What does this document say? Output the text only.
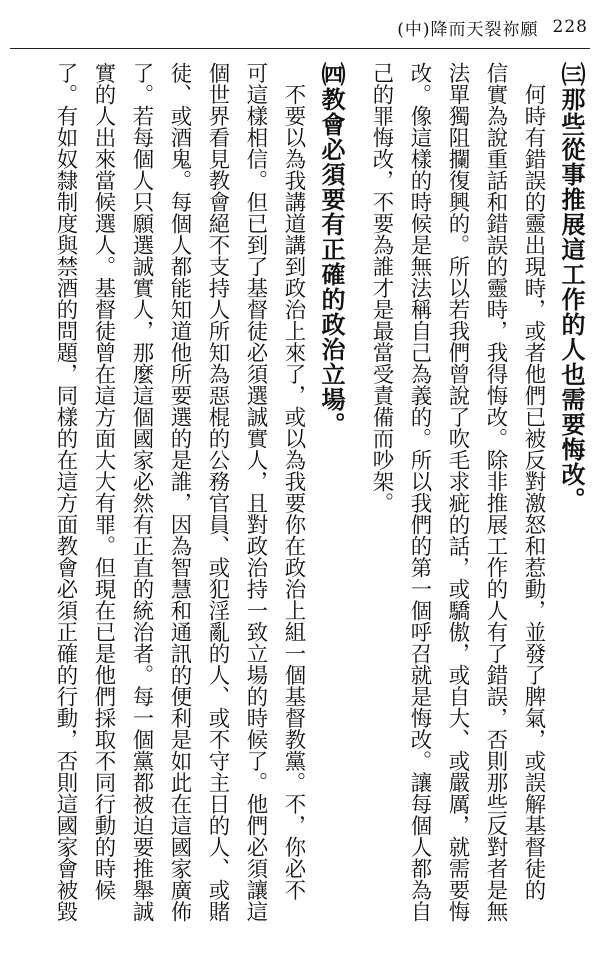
(中)降而天裂祢願 228
㈢那些從事推展這工作的人也需要悔改。
　何時有錯誤的靈出現時，或者他們已被反對激怒和惹動，並發了脾氣，或誤解基督徒的
信實為說重話和錯誤的靈時，我得悔改。除非推展工作的人有了錯誤，否則那些反對者是無
法單獨阻攔復興的。所以若我們曾說了吹毛求疵的話，或驕傲，或自大、或嚴厲，就需要悔
改。像這樣的時候是無法稱自己為義的。所以我們的第一個呼召就是悔改。讓每個人都為自
己的罪悔改，不要為誰才是最當受責備而吵架。
㈣教會必須要有正確的政治立場。
　不要以為我講道講到政治上來了，或以為我要你在政治上組一個基督教黨。不，你必不
可這樣相信。但已到了基督徒必須選誠實人，且對政治持一致立場的時候了。他們必須讓這
個世界看見教會絕不支持人所知為惡棍的公務官員、或犯淫亂的人、或不守主日的人、或賭
徒、或酒鬼。每個人都能知道他所要選的是誰，因為智慧和通訊的便利是如此在這國家廣佈
了。若每個人只願選誠實人，那麼這個國家必然有正直的統治者。每一個黨都被迫要推舉誠
實的人出來當候選人。基督徒曾在這方面大大有罪。但現在已是他們採取不同行動的時候
了。有如奴隸制度與禁酒的問題，同樣的在這方面教會必須正確的行動，否則這國家會被毀
